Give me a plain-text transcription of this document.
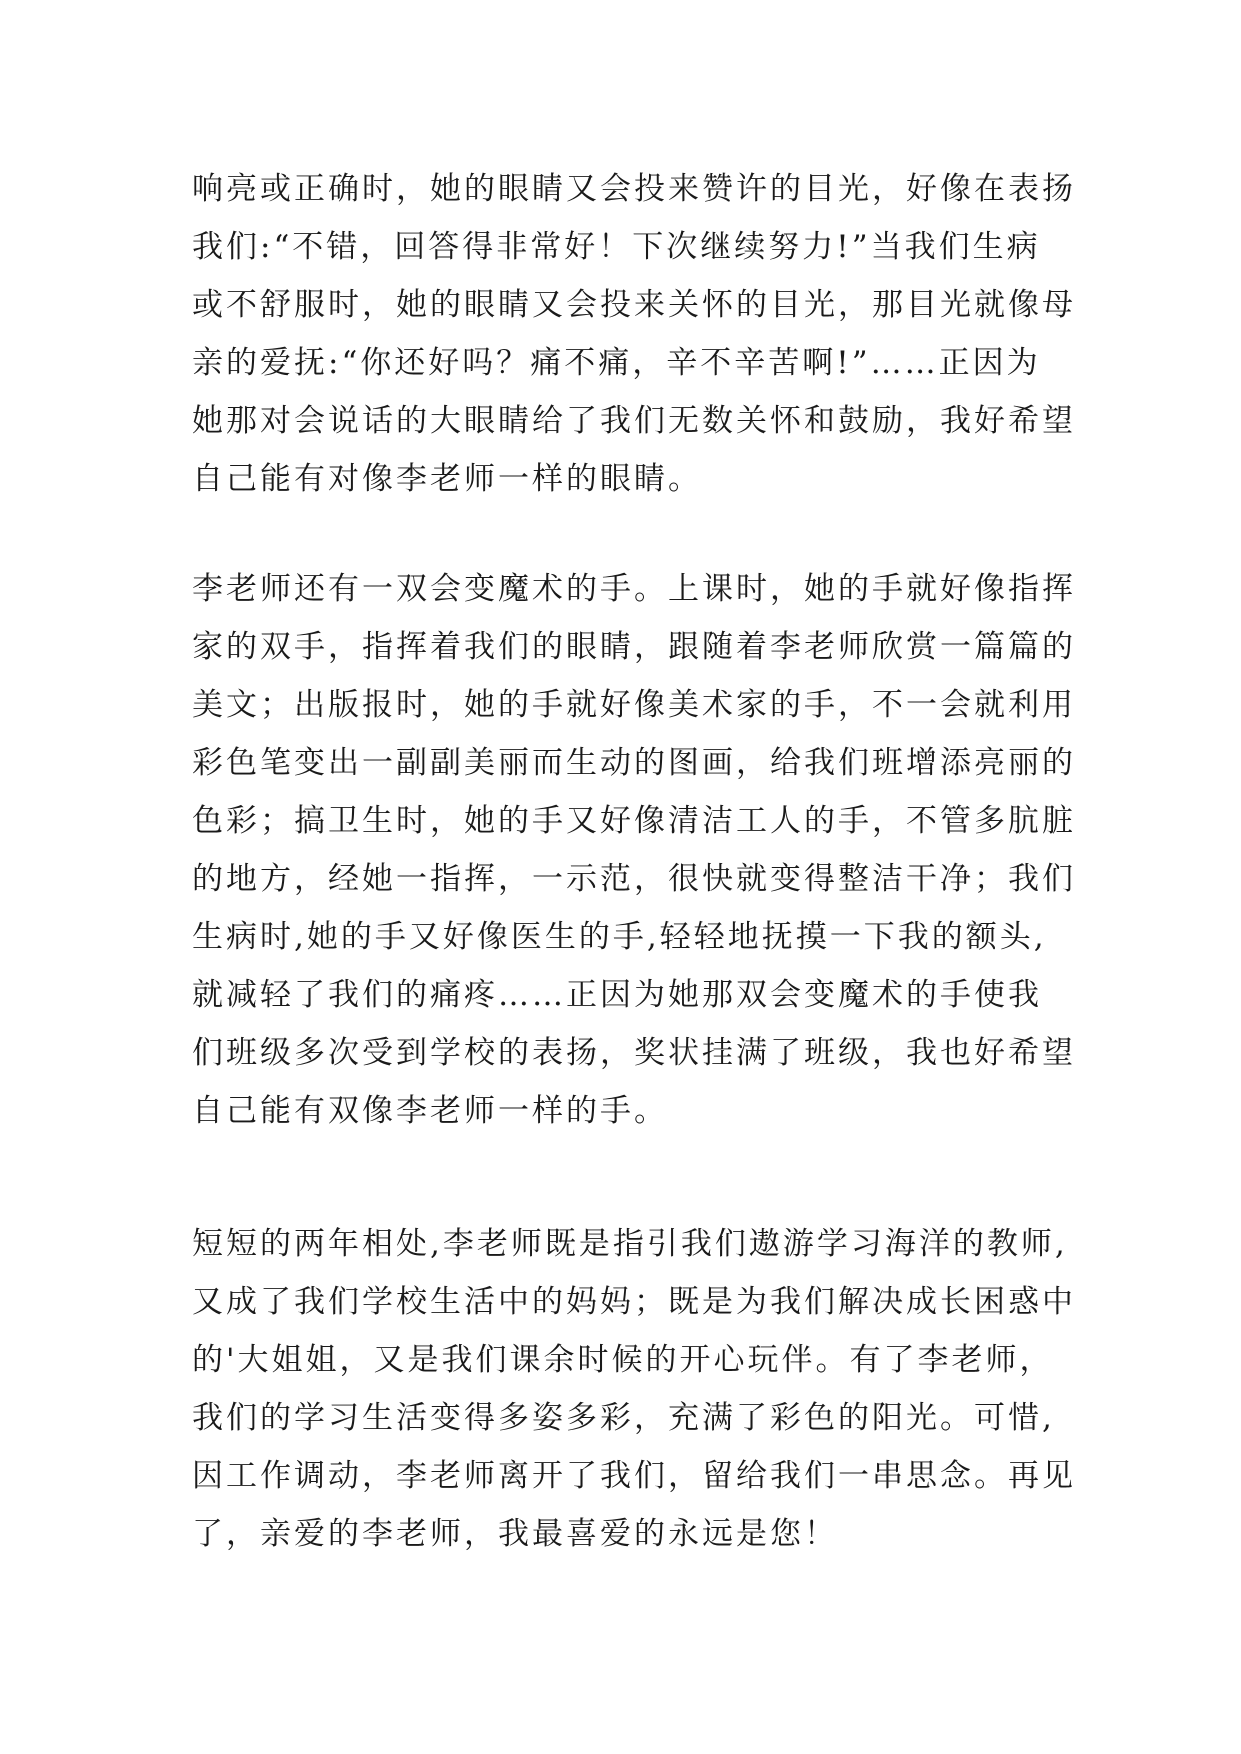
响亮或正确时，她的眼睛又会投来赞许的目光，好像在表扬
我们:“不错，回答得非常好！下次继续努力!”当我们生病
或不舒服时，她的眼睛又会投来关怀的目光，那目光就像母
亲的爱抚:“你还好吗？痛不痛，辛不辛苦啊!”……正因为
她那对会说话的大眼睛给了我们无数关怀和鼓励，我好希望
自己能有对像李老师一样的眼睛。
李老师还有一双会变魔术的手。上课时，她的手就好像指挥
家的双手，指挥着我们的眼睛，跟随着李老师欣赏一篇篇的
美文；出版报时，她的手就好像美术家的手，不一会就利用
彩色笔变出一副副美丽而生动的图画，给我们班增添亮丽的
色彩；搞卫生时，她的手又好像清洁工人的手，不管多肮脏
的地方，经她一指挥，一示范，很快就变得整洁干净；我们
生病时,她的手又好像医生的手,轻轻地抚摸一下我的额头,
就减轻了我们的痛疼……正因为她那双会变魔术的手使我
们班级多次受到学校的表扬，奖状挂满了班级，我也好希望
自己能有双像李老师一样的手。
短短的两年相处,李老师既是指引我们遨游学习海洋的教师,
又成了我们学校生活中的妈妈；既是为我们解决成长困惑中
的'大姐姐，又是我们课余时候的开心玩伴。有了李老师，
我们的学习生活变得多姿多彩，充满了彩色的阳光。可惜,
因工作调动，李老师离开了我们，留给我们一串思念。再见
了，亲爱的李老师，我最喜爱的永远是您！
